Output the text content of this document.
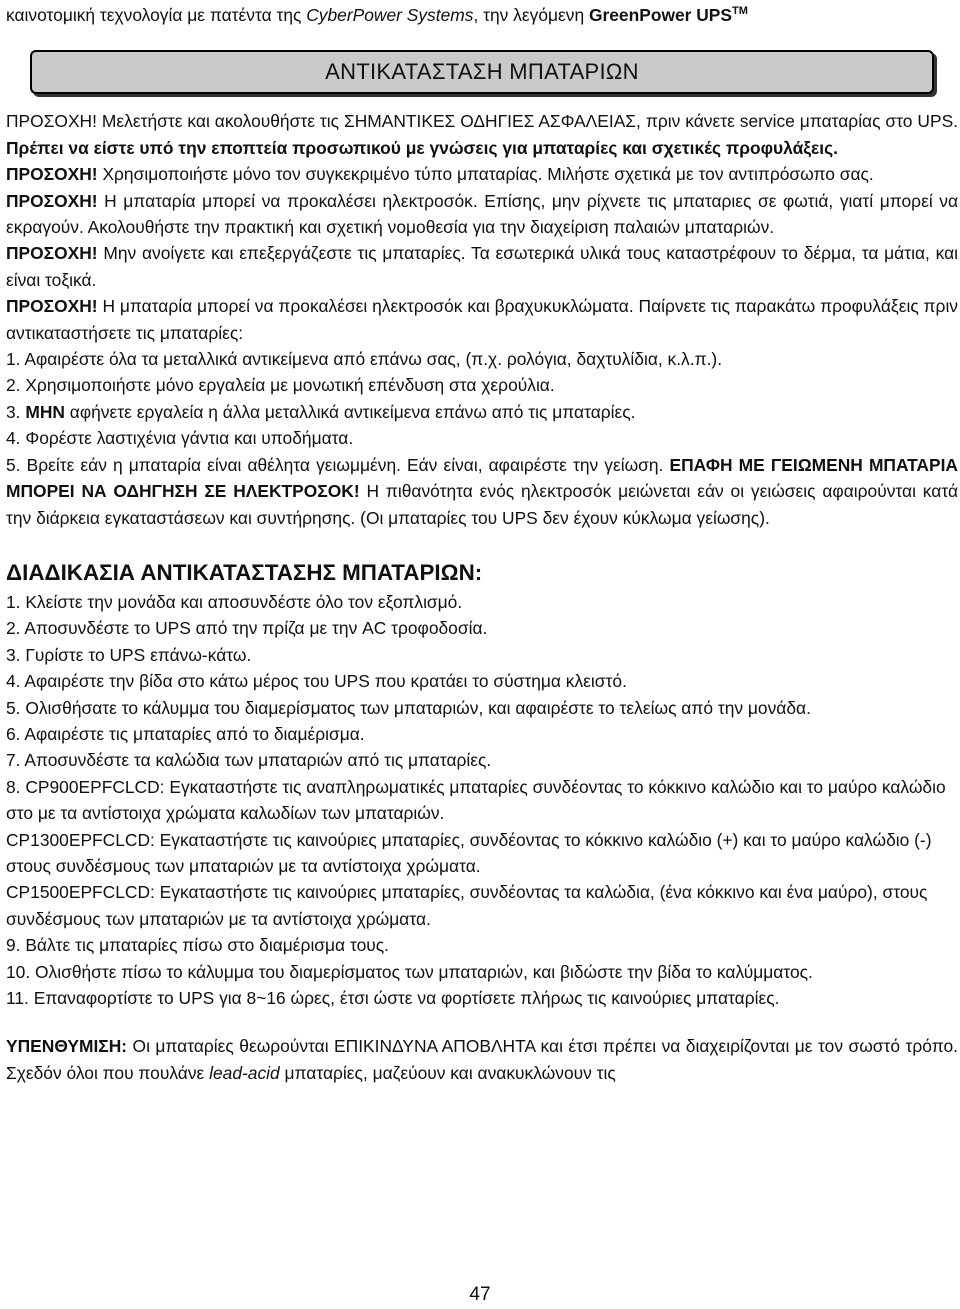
καινοτομική τεχνολογία με πατέντα της CyberPower Systems, την λεγόμενη GreenPower UPS™

ΑΝΤΙΚΑΤΑΣΤΑΣΗ ΜΠΑΤΑΡΙΩΝ

ΠΡΟΣΟΧΗ! Μελετήστε και ακολουθήστε τις ΣΗΜΑΝΤΙΚΕΣ ΟΔΗΓΙΕΣ ΑΣΦΑΛΕΙΑΣ, πριν κάνετε service μπαταρίας στο UPS. Πρέπει να είστε υπό την εποπτεία προσωπικού με γνώσεις για μπαταρίες και σχετικές προφυλάξεις.

ΠΡΟΣΟΧΗ! Χρησιμοποιήστε μόνο τον συγκεκριμένο τύπο μπαταρίας. Μιλήστε σχετικά με τον αντιπρόσωπο σας.

ΠΡΟΣΟΧΗ! Η μπαταρία μπορεί να προκαλέσει ηλεκτροσόκ. Επίσης, μην ρίχνετε τις μπαταριες σε φωτιά, γιατί μπορεί να εκραγούν. Ακολουθήστε την πρακτική και σχετική νομοθεσία για την διαχείριση παλαιών μπαταριών.

ΠΡΟΣΟΧΗ! Μην ανοίγετε και επεξεργάζεστε τις μπαταρίες. Τα εσωτερικά υλικά τους καταστρέφουν το δέρμα, τα μάτια, και είναι τοξικά.

ΠΡΟΣΟΧΗ! Η μπαταρία μπορεί να προκαλέσει ηλεκτροσόκ και βραχυκυκλώματα. Παίρνετε τις παρακάτω προφυλάξεις πριν αντικαταστήσετε τις μπαταρίες:

1. Αφαιρέστε όλα τα μεταλλικά αντικείμενα από επάνω σας, (π.χ. ρολόγια, δαχτυλίδια, κ.λ.π.).

2. Χρησιμοποιήστε μόνο εργαλεία με μονωτική επένδυση στα χερούλια.

3. ΜΗΝ αφήνετε εργαλεία η άλλα μεταλλικά αντικείμενα επάνω από τις μπαταρίες.

4. Φορέστε λαστιχένια γάντια και υποδήματα.

5. Βρείτε εάν η μπαταρία είναι αθέλητα γειωμμένη. Εάν είναι, αφαιρέστε την γείωση. ΕΠΑΦΗ ΜΕ ΓΕΙΩΜΕΝΗ ΜΠΑΤΑΡΙΑ ΜΠΟΡΕΙ ΝΑ ΟΔΗΓΗΣΗ ΣΕ ΗΛΕΚΤΡΟΣΟΚ! Η πιθανότητα ενός ηλεκτροσόκ μειώνεται εάν οι γειώσεις αφαιρούνται κατά την διάρκεια εγκαταστάσεων και συντήρησης. (Οι μπαταρίες του UPS δεν έχουν κύκλωμα γείωσης).

ΔΙΑΔΙΚΑΣΙΑ ΑΝΤΙΚΑΤΑΣΤΑΣΗΣ ΜΠΑΤΑΡΙΩΝ:

1. Κλείστε την μονάδα και αποσυνδέστε όλο τον εξοπλισμό.

2. Αποσυνδέστε το UPS από την πρίζα με την AC τροφοδοσία.

3. Γυρίστε το UPS επάνω-κάτω.

4. Αφαιρέστε την βίδα στο κάτω μέρος του UPS που κρατάει το σύστημα κλειστό.

5. Ολισθήσατε το κάλυμμα του διαμερίσματος των μπαταριών, και αφαιρέστε το τελείως από την μονάδα.

6. Αφαιρέστε τις μπαταρίες από το διαμέρισμα.

7. Αποσυνδέστε τα καλώδια των μπαταριών από τις μπαταρίες.

8. CP900EPFCLCD: Εγκαταστήστε τις αναπληρωματικές μπαταρίες συνδέοντας το κόκκινο καλώδιο και το μαύρο καλώδιο στο με τα αντίστοιχα χρώματα καλωδίων των μπαταριών.

CP1300EPFCLCD: Εγκαταστήστε τις καινούριες μπαταρίες, συνδέοντας το κόκκινο καλώδιο (+) και το μαύρο καλώδιο (-) στους συνδέσμους των μπαταριών με τα αντίστοιχα χρώματα.

CP1500EPFCLCD: Εγκαταστήστε τις καινούριες μπαταρίες, συνδέοντας τα καλώδια, (ένα κόκκινο και ένα μαύρο), στους συνδέσμους των μπαταριών με τα αντίστοιχα χρώματα.

9. Βάλτε τις μπαταρίες πίσω στο διαμέρισμα τους.

10. Ολισθήστε πίσω το κάλυμμα του διαμερίσματος των μπαταριών, και βιδώστε την βίδα το καλύμματος.

11. Επαναφορτίστε το UPS για 8~16 ώρες, έτσι ώστε να φορτίσετε πλήρως τις καινούριες μπαταρίες.

ΥΠΕΝΘΥΜΙΣΗ: Οι μπαταρίες θεωρούνται ΕΠΙΚΙΝΔΥΝΑ ΑΠΟΒΛΗΤΑ και έτσι πρέπει να διαχειρίζονται με τον σωστό τρόπο. Σχεδόν όλοι που πουλάνε lead-acid μπαταρίες, μαζεύουν και ανακυκλώνουν τις

47
